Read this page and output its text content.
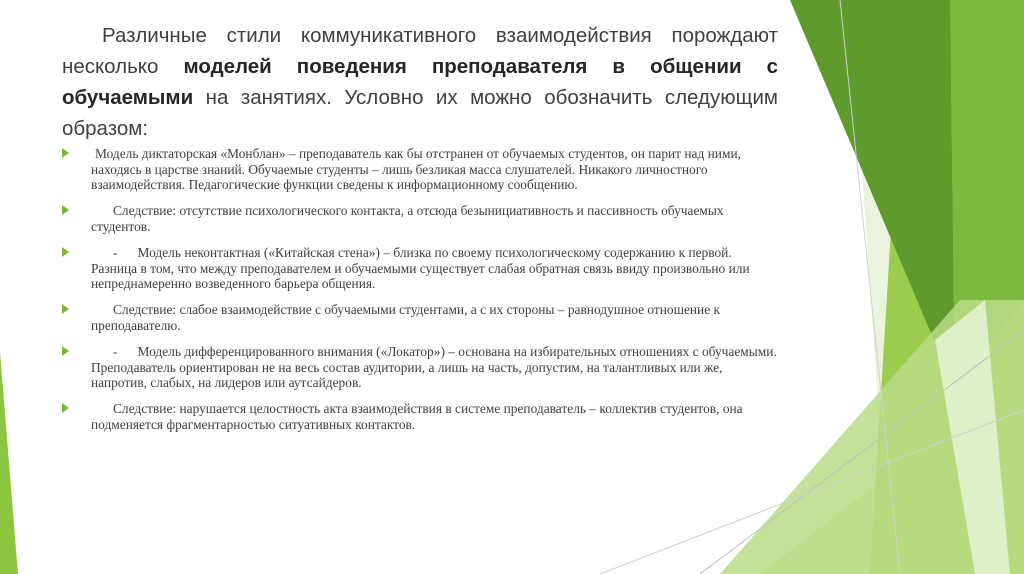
Различные стили коммуникативного взаимодействия порождают несколько моделей поведения преподавателя в общении с обучаемыми на занятиях. Условно их можно обозначить следующим образом:

Модель диктаторская «Монблан» – преподаватель как бы отстранен от обучаемых студентов, он парит над ними, находясь в царстве знаний. Обучаемые студенты – лишь безликая масса слушателей. Никакого личностного взаимодействия. Педагогические функции сведены к информационному сообщению.
Следствие: отсутствие психологического контакта, а отсюда безынициативность и пассивность обучаемых студентов.
-      Модель неконтактная («Китайская стена») – близка по своему психологическому содержанию к первой. Разница в том, что между преподавателем и обучаемыми существует слабая обратная связь ввиду произвольно или непреднамеренно возведенного барьера общения.
Следствие: слабое взаимодействие с обучаемыми студентами, а с их стороны – равнодушное отношение к преподавателю.
-      Модель дифференцированного внимания («Локатор») – основана на избирательных отношениях с обучаемыми. Преподаватель ориентирован не на весь состав аудитории, а лишь на часть, допустим, на талантливых или же, напротив, слабых, на лидеров или аутсайдеров.
Следствие: нарушается целостность акта взаимодействия в системе преподаватель – коллектив студентов, она подменяется фрагментарностью ситуативных контактов.
